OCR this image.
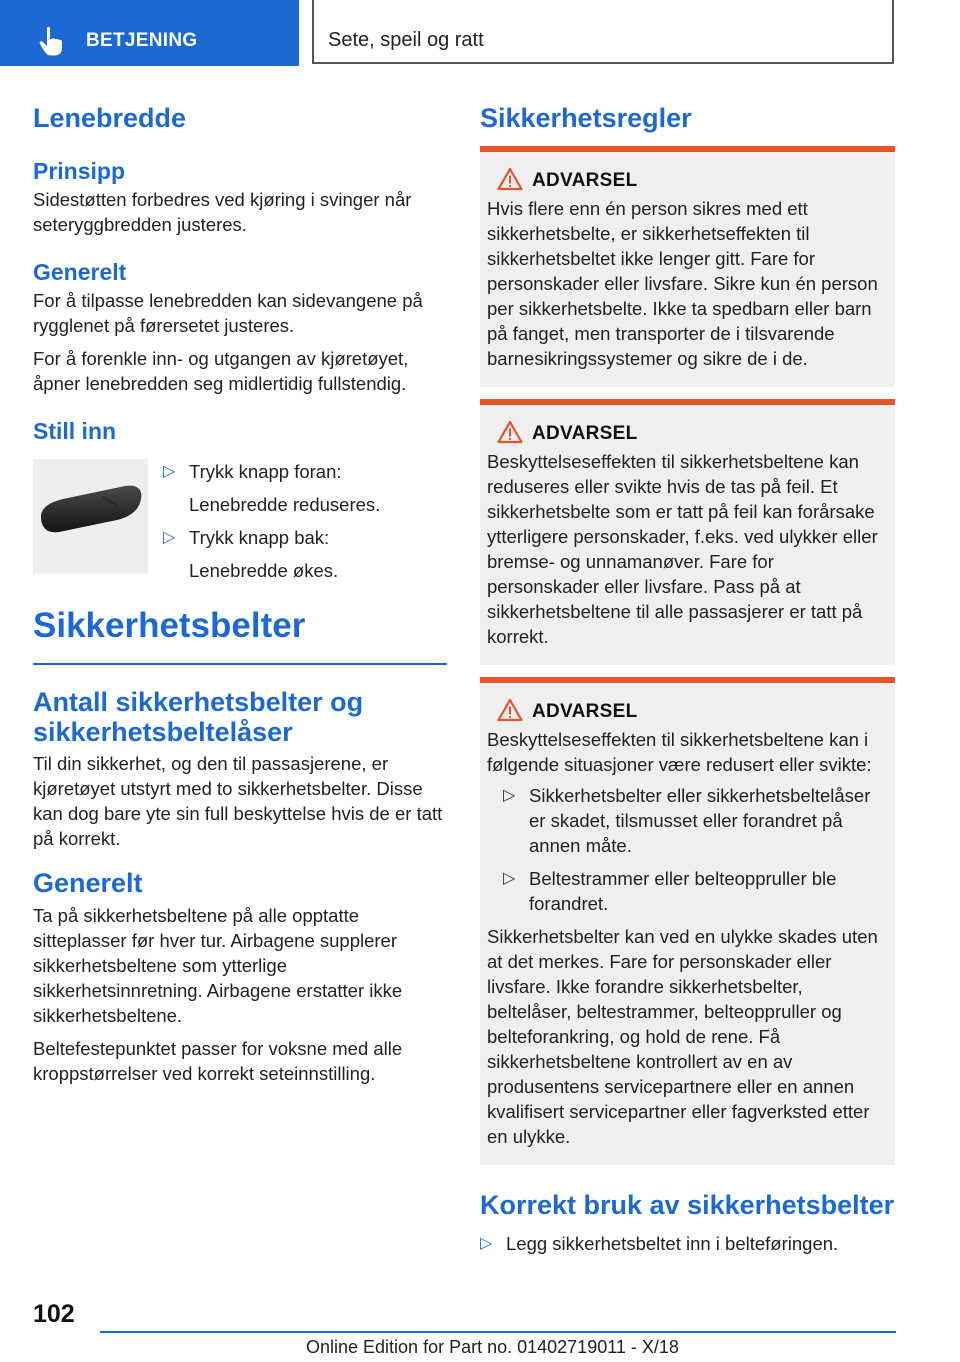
BETJENING	Sete, speil og ratt
Lenebredde
Prinsipp

Sidestøtten forbedres ved kjøring i svinger når seteryggbredden justeres.

Generelt

For å tilpasse lenebredden kan sidevangene på rygglenet på førersetet justeres.

For å forenkle inn- og utgangen av kjøretøyet, åpner lenebredden seg midlertidig fullstendig.

Still inn
▷ Trykk knapp foran:
Lenebredde reduseres.
▷ Trykk knapp bak:
Lenebredde økes.
Sikkerhetsbelter
Antall sikkerhetsbelter og sikkerhetsbeltelåser

Til din sikkerhet, og den til passasjerene, er kjøretøyet utstyrt med to sikkerhetsbelter. Disse kan dog bare yte sin full beskyttelse hvis de er tatt på korrekt.

Generelt

Ta på sikkerhetsbeltene på alle opptatte sitteplasser før hver tur. Airbagene supplerer sikkerhetsbeltene som ytterlige sikkerhetsinnretning. Airbagene erstatter ikke sikkerhetsbeltene.

Beltefestepunktet passer for voksne med alle kroppstørrelser ved korrekt seteinnstilling.

Sikkerhetsregler
ADVARSEL

Hvis flere enn én person sikres med ett sikkerhetsbelte, er sikkerhetseffekten til sikkerhetsbeltet ikke lenger gitt. Fare for personskader eller livsfare. Sikre kun én person per sikkerhetsbelte. Ikke ta spedbarn eller barn på fanget, men transporter de i tilsvarende barnesikringssystemer og sikre de i de.

ADVARSEL

Beskyttelseseffekten til sikkerhetsbeltene kan reduseres eller svikte hvis de tas på feil. Et sikkerhetsbelte som er tatt på feil kan forårsake ytterligere personskader, f.eks. ved ulykker eller bremse- og unnamanøver. Fare for personskader eller livsfare. Pass på at sikkerhetsbeltene til alle passasjerer er tatt på korrekt.

ADVARSEL

Beskyttelseseffekten til sikkerhetsbeltene kan i følgende situasjoner være redusert eller svikte:

▷ Sikkerhetsbelter eller sikkerhetsbeltelåser er skadet, tilsmusset eller forandret på annen måte.
▷ Beltestrammer eller belteoppruller ble forandret.

Sikkerhetsbelter kan ved en ulykke skades uten at det merkes. Fare for personskader eller livsfare. Ikke forandre sikkerhetsbelter, beltelåser, beltestrammer, belteoppruller og belteforankring, og hold de rene. Få sikkerhetsbeltene kontrollert av en av produsentens servicepartnere eller en annen kvalifisert servicepartner eller fagverksted etter en ulykke.

Korrekt bruk av sikkerhetsbelter
▷ Legg sikkerhetsbeltet inn i belteføringen.
102
Online Edition for Part no. 01402719011 - X/18
